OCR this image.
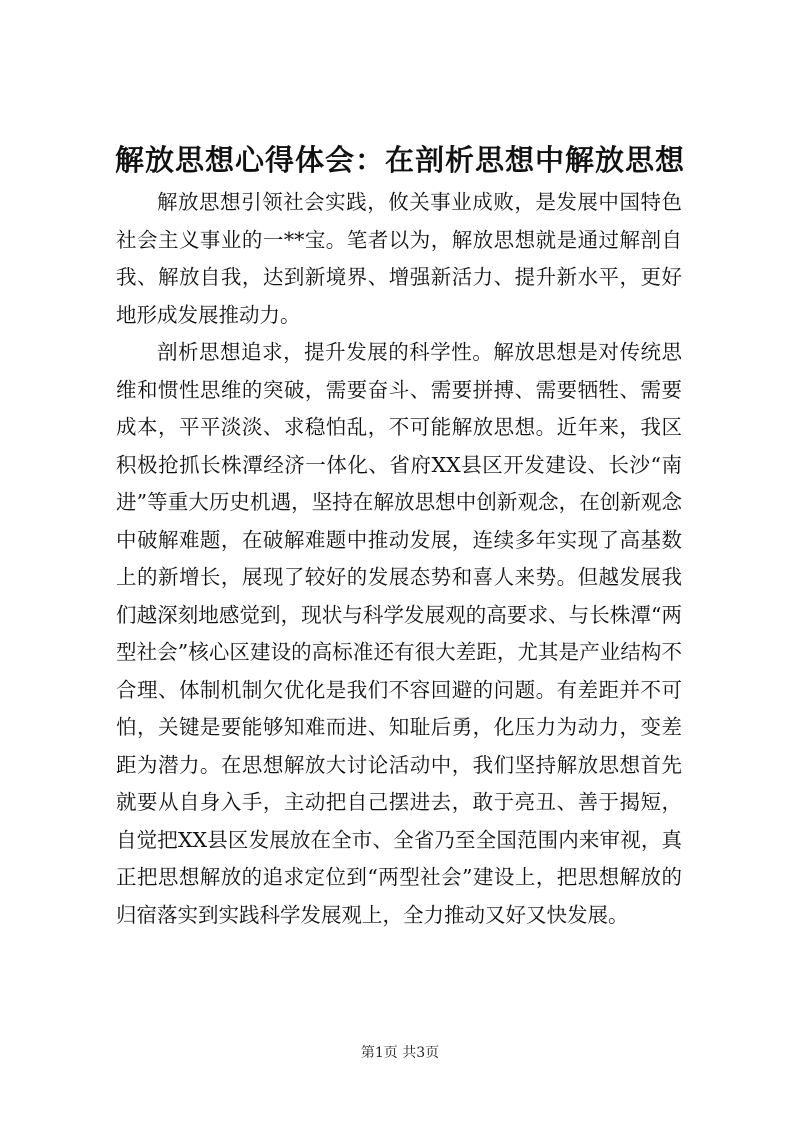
解放思想心得体会：在剖析思想中解放思想

解放思想引领社会实践，攸关事业成败，是发展中国特色社会主义事业的一**宝。笔者以为，解放思想就是通过解剖自我、解放自我，达到新境界、增强新活力、提升新水平，更好地形成发展推动力。

剖析思想追求，提升发展的科学性。解放思想是对传统思维和惯性思维的突破，需要奋斗、需要拼搏、需要牺牲、需要成本，平平淡淡、求稳怕乱，不可能解放思想。近年来，我区积极抢抓长株潭经济一体化、省府XX县区开发建设、长沙“南进”等重大历史机遇，坚持在解放思想中创新观念，在创新观念中破解难题，在破解难题中推动发展，连续多年实现了高基数上的新增长，展现了较好的发展态势和喜人来势。但越发展我们越深刻地感觉到，现状与科学发展观的高要求、与长株潭“两型社会”核心区建设的高标准还有很大差距，尤其是产业结构不合理、体制机制欠优化是我们不容回避的问题。有差距并不可怕，关键是要能够知难而进、知耻后勇，化压力为动力，变差距为潜力。在思想解放大讨论活动中，我们坚持解放思想首先就要从自身入手，主动把自己摆进去，敢于亮丑、善于揭短，自觉把XX县区发展放在全市、全省乃至全国范围内来审视，真正把思想解放的追求定位到“两型社会”建设上，把思想解放的归宿落实到实践科学发展观上，全力推动又好又快发展。

第1页 共3页
